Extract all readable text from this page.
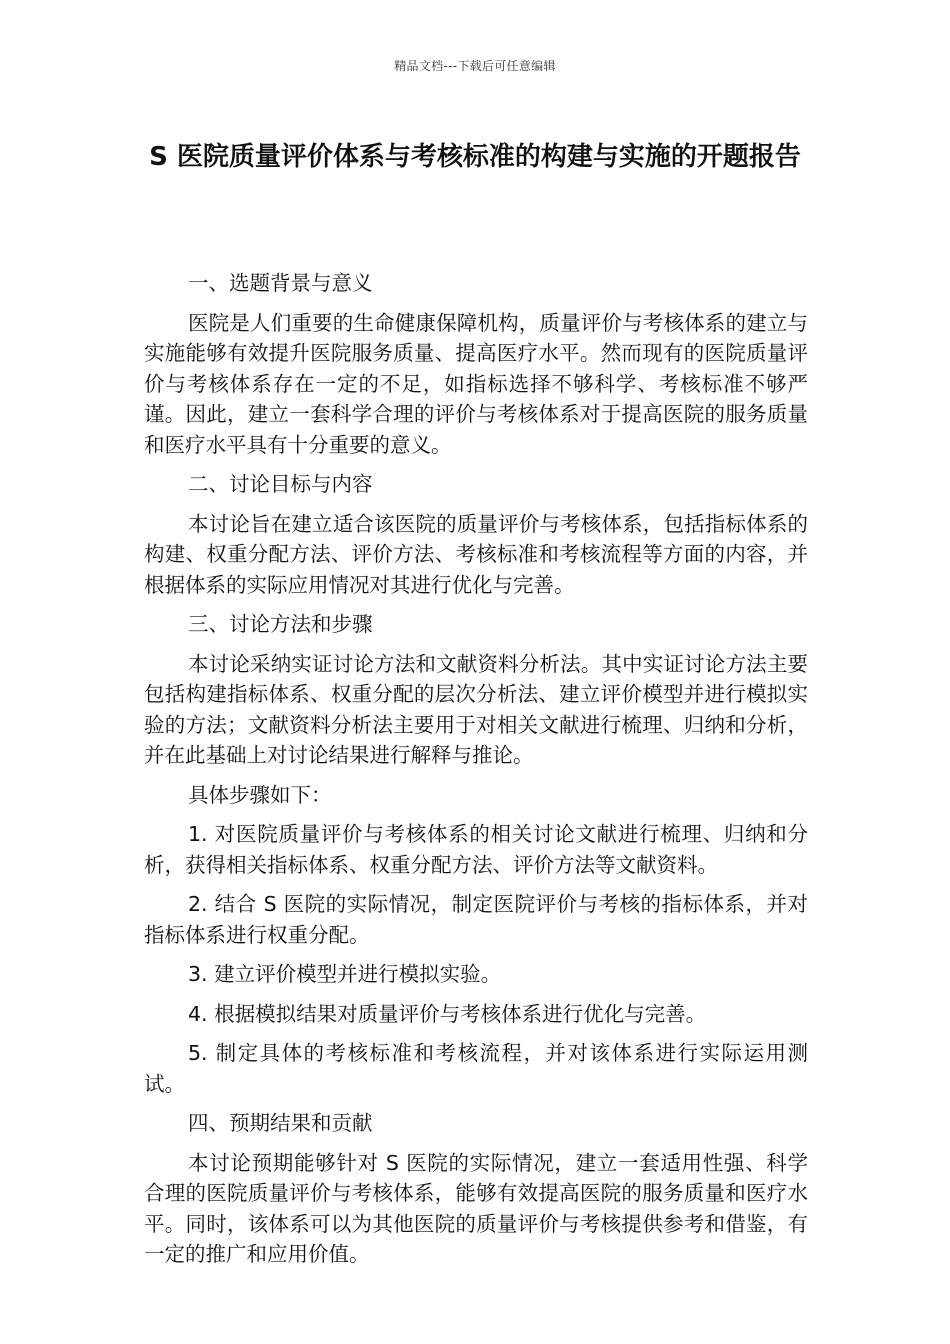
精品文档---下载后可任意编辑
S 医院质量评价体系与考核标准的构建与实施的开题报告

一、选题背景与意义

医院是人们重要的生命健康保障机构，质量评价与考核体系的建立与实施能够有效提升医院服务质量、提高医疗水平。然而现有的医院质量评价与考核体系存在一定的不足，如指标选择不够科学、考核标准不够严谨。因此，建立一套科学合理的评价与考核体系对于提高医院的服务质量和医疗水平具有十分重要的意义。

二、讨论目标与内容

本讨论旨在建立适合该医院的质量评价与考核体系，包括指标体系的构建、权重分配方法、评价方法、考核标准和考核流程等方面的内容，并根据体系的实际应用情况对其进行优化与完善。

三、讨论方法和步骤

本讨论采纳实证讨论方法和文献资料分析法。其中实证讨论方法主要包括构建指标体系、权重分配的层次分析法、建立评价模型并进行模拟实验的方法；文献资料分析法主要用于对相关文献进行梳理、归纳和分析，并在此基础上对讨论结果进行解释与推论。

具体步骤如下：

1. 对医院质量评价与考核体系的相关讨论文献进行梳理、归纳和分析，获得相关指标体系、权重分配方法、评价方法等文献资料。

2. 结合 S 医院的实际情况，制定医院评价与考核的指标体系，并对指标体系进行权重分配。

3. 建立评价模型并进行模拟实验。

4. 根据模拟结果对质量评价与考核体系进行优化与完善。

5. 制定具体的考核标准和考核流程，并对该体系进行实际运用测试。

四、预期结果和贡献

本讨论预期能够针对 S 医院的实际情况，建立一套适用性强、科学合理的医院质量评价与考核体系，能够有效提高医院的服务质量和医疗水平。同时，该体系可以为其他医院的质量评价与考核提供参考和借鉴，有一定的推广和应用价值。
